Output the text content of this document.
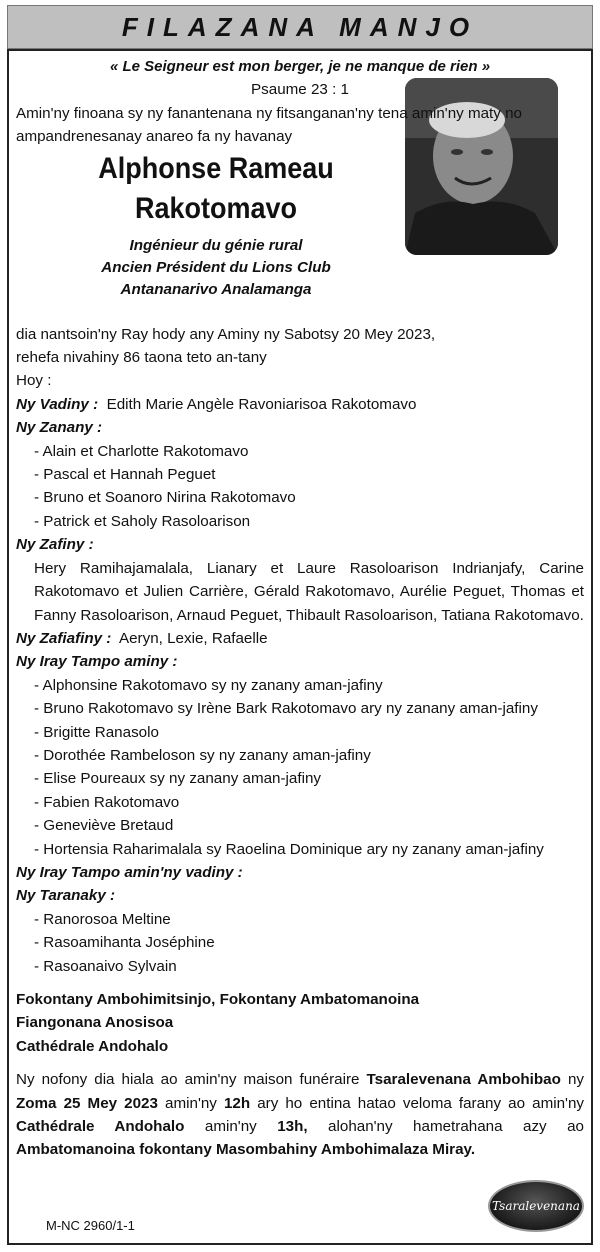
FILAZANA MANJO
« Le Seigneur est mon berger, je ne manque de rien »
Psaume 23 : 1
Amin'ny finoana sy ny fanantenana ny fitsanganan'ny tena amin'ny maty no ampandrenesanay anareo fa ny havanay
Alphonse Rameau
Rakotomavo
Ingénieur du génie rural
Ancien Président du Lions Club
Antananarivo Analamanga
dia nantsoin'ny Ray hody any Aminy ny Sabotsy 20 Mey 2023,
rehefa nivahiny 86 taona teto an-tany
Hoy :
Ny Vadiny : Edith Marie Angèle Ravoniarisoa Rakotomavo
Ny Zanany :
- Alain et Charlotte Rakotomavo
- Pascal et Hannah Peguet
- Bruno et Soanoro Nirina Rakotomavo
- Patrick et Saholy Rasoloarison
Ny Zafiny :
Hery Ramihajamalala, Lianary et Laure Rasoloarison Indrianjafy, Carine Rakotomavo et Julien Carrière, Gérald Rakotomavo, Aurélie Peguet, Thomas et Fanny Rasoloarison, Arnaud Peguet, Thibault Rasoloarison, Tatiana Rakotomavo.
Ny Zafiafiny : Aeryn, Lexie, Rafaelle
Ny Iray Tampo aminy :
- Alphonsine Rakotomavo sy ny zanany aman-jafiny
- Bruno Rakotomavo sy Irène Bark Rakotomavo ary ny zanany aman-jafiny
- Brigitte Ranasolo
- Dorothée Rambeloson sy ny zanany aman-jafiny
- Elise Poureaux sy ny zanany aman-jafiny
- Fabien Rakotomavo
- Geneviève Bretaud
- Hortensia Raharimalala sy Raoelina Dominique ary ny zanany aman-jafiny
Ny Iray Tampo amin'ny vadiny :
Ny Taranaky :
- Ranorosoa Meltine
- Rasoamihanta Joséphine
- Rasoanaivo Sylvain
Fokontany Ambohimitsinjo, Fokontany Ambatomanoina
Fiangonana Anosisoa
Cathédrale Andohalo
Ny nofony dia hiala ao amin'ny maison funéraire Tsaralevenana Ambohibao ny Zoma 25 Mey 2023 amin'ny 12h ary ho entina hatao veloma farany ao amin'ny Cathédrale Andohalo amin'ny 13h, alohan'ny hametrahana azy ao Ambatomanoina fokontany Masombahiny Ambohimalaza Miray.
Tsaralevenana
M-NC 2960/1-1
